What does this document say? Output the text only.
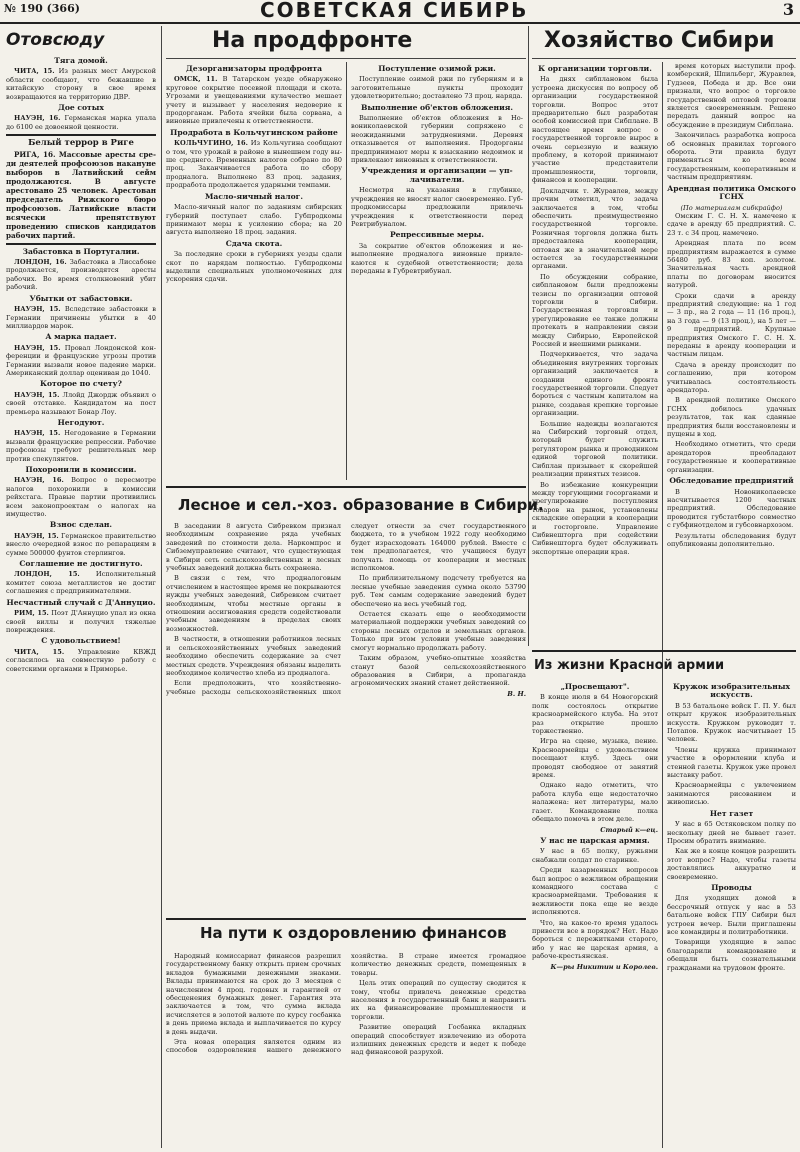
№ 190 (366)	СОВЕТСКАЯ СИБИРЬ	3
Отовсюду
Тяга домой.

ЧИТА, 15. Из разных мест Амурской области сообщают, что бежавшие в китайскую сторону в свое время возвращаются на территорию ДВР.

Дое сотых

НАУЭН, 16. Германская марка упала до 6100 ее довоенной ценности.

Белый террор в Риге

РИГА, 16. Массовые аресты среди деятелей профсоюзов накануне выборов в Латвийский сейм продолжаются. В августе арестовано 25 человек. Арестован председатель Рижского бюро профсоюзов. Латвийские власти всячески препятствуют проведению списков кандидатов рабочих партий.

Забастовка в Португалии.

ЛОНДОН, 16. Забастовка в Лиссабоне продолжается, производятся аресты рабочих. Во время столкновений убит рабочий.

Убытки от забастовки.

НАУЭН, 15. Вследствие забастовки в Германии причинены убытки в 40 миллиардов марок.

А марка падает.

НАУЭН, 15. Провал Лондонской конференции и французские угрозы против Германии вызвали новое падение марки. Американский доллар оцениван до 1040.

Которое по счету?

НАУЭН, 15. Ллойд Джордж объявил о своей отставке. Кандидатом на пост премьера называют Бонар Лоу.

Негодуют.

НАУЭН, 15. Негодование в Германии вызвали французские репрессии. Рабочие профсоюзы требуют решительных мер против спекулянтов.

Похоронили в комиссии.

НАУЭН, 16. Вопрос о пересмотре налогов похоронили в комиссии рейхстага. Правые партии противились всем законопроектам о налогах на имущество.

Взнос сделан.

НАУЭН, 15. Германское правительство внесло очередной взнос по репарациям в сумме 500000 фунтов стерлингов.

Соглашение не достигнуто.

ЛОНДОН, 15. Исполнительный комитет союза металлистов не достиг соглашения с предпринимателями.

Несчастный случай с Д'Аннуцио.

РИМ, 15. Поэт Д'Аннуцио упал из окна своей виллы и получил тяжелые повреждения.

С удовольствием!

ЧИТА, 15. Управление КВЖД согласилось на совместную работу с советскими органами в Приморье.

На продфронте
Дезорганизаторы продфронта

ОМСК, 11. В Татарском уезде обнаружено круговое сокрытие посевной площади и скота. Угрозами и увещеваниями кулачество мешает учету и вызывает у населения недоверие к продорганам. Работа ячейки была сорвана, а виновные привлечены к ответственности.

Продработа в Кольчугинском районе

КОЛЬЧУГИНО, 16. Из Кольчугина сообщают о том, что урожай в районе в нынешнем году выше среднего. Временных налогов собрано по 80 проц. Заканчивается работа по сбору продналога. Выполнено 83 проц. задания, продработа продолжается ударными темпами.

Масло-яичный налог.

Масло-яичный налог по заданиям сибирских губерний поступает слабо. Губпродкомы принимают меры к усилению сбора; на 20 августа выполнено 18 проц. задания.

Сдача скота.

За последние сроки в губерниях уезды сдали скот по нарядам полностью. Губпродкомы выделили специальных уполномоченных для ускорения сдачи.

Поступление озимой ржи.

Поступление озимой ржи по губерниям и в заготовительные пункты проходит удовлетворительно; доставлено 73 проц. наряда.

Выполнение об'ектов обложения.

Выполнение об'ектов обложения в Новониколаевской губернии сопряжено с неожиданными затруднениями. Деревня отказывается от выполнения. Продорганы предпринимают меры к взысканию недоимок и привлекают виновных к ответственности.

Учреждения и организации — уплачиватели.

Несмотря на указания в глубинке, учреждения не вносят налог своевременно. Губпродкомиссары предложили привлечь учреждения к ответственности перед Ревтрибуналом.

Репрессивные меры.

За сокрытие об'ектов обложения и невыполнение продналога виновные привлекаются к судебной ответственности; дела переданы в Губревтрибунал.

Лесное и сел.-хоз. образование в Сибири.

В заседании 8 августа Сибревком признал необходимым сохранение ряда учебных заведений по стоимости дела. Наркомпрос и Сибземуправление считают, что существующая в Сибири сеть сельскохозяйственных и лесных учебных заведений должна быть сохранена.

В связи с тем, что продналоговым отчислением в настоящее время не покрываются нужды учебных заведений, Сибревком считает необходимым, чтобы местные органы в отношении ассигнования средств содействовали учебным заведениям в пределах своих возможностей.

В частности, в отношении работников лесных и сельскохозяйственных учебных заведений необходимо обеспечить содержание за счет местных средств. Учреждения обязаны выделить необходимое количество хлеба из продналога.

Если предположить, что хозяйственно-учебные расходы сельскохозяйственных школ следует отнести за счет государственного бюджета, то в учебном 1922 году необходимо будет израсходовать 164000 рублей. Вместе с тем предполагается, что учащиеся будут получать помощь от кооперации и местных исполкомов.

По приблизительному подсчету требуется на лесные учебные заведения сумма около 53790 руб. Тем самым содержание заведений будет обеспечено на весь учебный год.

Остается сказать еще о необходимости материальной поддержки учебных заведений со стороны лесных отделов и земельных органов. Только при этом условии учебные заведения смогут нормально продолжать работу.

Таким образом, учебно-опытные хозяйства станут базой сельскохозяйственного образования в Сибири, а пропаганда агрономических знаний станет действенной.

В. Н.
На пути к оздоровлению финансов

Народный комиссариат финансов разрешил государственному банку открыть прием срочных вкладов бумажными денежными знаками. Вклады принимаются на срок до 3 месяцев с начислением 4 проц. годовых и гарантией от обесценения бумажных денег. Гарантия эта заключается в том, что сумма вклада исчисляется в золотой валюте по курсу госбанка в день приема вклада и выплачивается по курсу в день выдачи.

Эта новая операция является одним из способов оздоровления нашего денежного хозяйства. В стране имеется громадное количество денежных средств, помещенных в товары.

Цель этих операций по существу сводится к тому, чтобы привлечь денежные средства населения в государственный банк и направить их на финансирование промышленности и торговли.

Развитие операций Госбанка вкладных операций способствует извлечению из оборота излишних денежных средств и ведет к победе над финансовой разрухой.

Хозяйство Сибири
К организации торговли.

На днях сибплановом была устроена дискуссия по вопросу об организации государственной торговли. Вопрос этот предварительно был разработан особой комиссией при Сибплане. В настоящее время вопрос о государственной торговле вырос в очень серьезную и важную проблему, в которой принимают участие представители промышленности, торговли, финансов и кооперации.

Докладчик т. Журавлев, между прочим отметил, что задача заключается в том, чтобы обеспечить преимущественно государственной торговле. Розничная торговля должна быть предоставлена кооперации, оптовая же в значительной мере остается за государственными органами.

По обсуждении собрание, сибплановом были предложены тезисы по организации оптовой торговли в Сибири. Государственная торговля и урегулирование ее также должны протекать в направлении связи между Сибирью, Европейской Россией и внешними рынками.

Подчеркивается, что задача объединения внутренних торговых организаций заключается в создании единого фронта государственной торговли. Следует бороться с частным капиталом на рынке, создавая крепкие торговые организации.

Большие надежды возлагаются на Сибирский торговый отдел, который будет служить регулятором рынка и проводником единой торговой политики. Сибплан призывает к скорейшей реализации принятых тезисов.

Во избежание конкуренции между торгующими госорганами и урегулирование поступления товаров на рынок, установлены складские операции в кооперации и госторговле. Управление Сибвнешторга при содействии Сибвнешторга будет обслуживать экспортные операции края.

время которых выступили проф. комберский, Шпильберг, Журавлев, Гудзеев, Победа и др. Все они признали, что вопрос о торговле государственной оптовой торговли является своевременным. Решено передать данный вопрос на обсуждение в президиум Сибплана.

Закончилась разработка вопроса об основных правилах торгового оборота. Эти правила будут применяться ко всем государственным, кооперативным и частным предприятиям.

Арендная политика Омского ГСНХ
(По материалам сибкрайфо)

Омским Г. С. Н. Х. намечено к сдаче в аренду 65 предприятий. С. 23 т. с 34 проц. намечено.

Арендная плата по всем предприятиям выражается в сумме 56480 руб. 83 коп. золотом. Значительная часть арендной платы по договорам вносится натурой.

Сроки сдачи в аренду предприятий следующие: на 1 год — 3 пр., на 2 года — 11 (16 проц.), на 3 года — 9 (13 проц.), на 5 лет — 9 предприятий. Крупные предприятия Омского Г. С. Н. Х. переданы в аренду кооперации и частным лицам.

Сдача в аренду происходит по соглашению, при котором учитывалась состоятельность арендатора.

В арендной политике Омского ГСНХ добилось удачных результатов, так как сданные предприятия были восстановлены и пущены в ход.

Необходимо отметить, что среди арендаторов преобладают государственные и кооперативные организации.

Обследование предприятий

В Новониколаевске насчитывается 1200 частных предприятий. Обследование проводится губстатбюро совместно с губфинотделом и губсовнархозом.

Результаты обследования будут опубликованы дополнительно.

Из жизни Красной армии
„Просвещают".

В конце июля в 64 Новогорский полк состоялось открытие красноармейского клуба. На этот раз открытие прошло торжественно.

Игра на сцене, музыка, пение. Красноармейцы с удовольствием посещают клуб. Здесь они проводят свободное от занятий время.

Однако надо отметить, что работа клуба еще недостаточно налажена: нет литературы, мало газет. Командование полка обещало помочь в этом деле.

Старый к—ец.
У нас не царская армия.

У нас в 65 полку, ружьями снабжали солдат по старинке.

Среди казарменных вопросов был вопрос о вежливом обращении командного состава с красноармейцами. Требования к вежливости пока еще не везде исполняются.

Что, на какое-то время удалось привести все в порядок? Нет. Надо бороться с пережитками старого, ибо у нас не царская армия, а рабоче-крестьянская.

К—ры Никитин и Королев.
Кружок изобразительных искусств.

В 53 батальоне войск Г. П. У. был открыт кружок изобразительных искусств. Кружком руководит т. Потапов. Кружок насчитывает 15 человек.

Члены кружка принимают участие в оформлении клуба и стенной газеты. Кружок уже провел выставку работ.

Красноармейцы с увлечением занимаются рисованием и живописью.

Нет газет

У нас в 65 Остяковском полку по нескольку дней не бывает газет. Просим обратить внимание.

Как же в конце концов разрешить этот вопрос? Надо, чтобы газеты доставлялись аккуратно и своевременно.

Проводы

Для уходящих домой в бессрочный отпуск у нас в 53 батальоне войск ГПУ Сибири был устроен вечер. Были приглашены все командиры и политработники.

Товарищи уходящие в запас благодарили командование и обещали быть сознательными гражданами на трудовом фронте.
